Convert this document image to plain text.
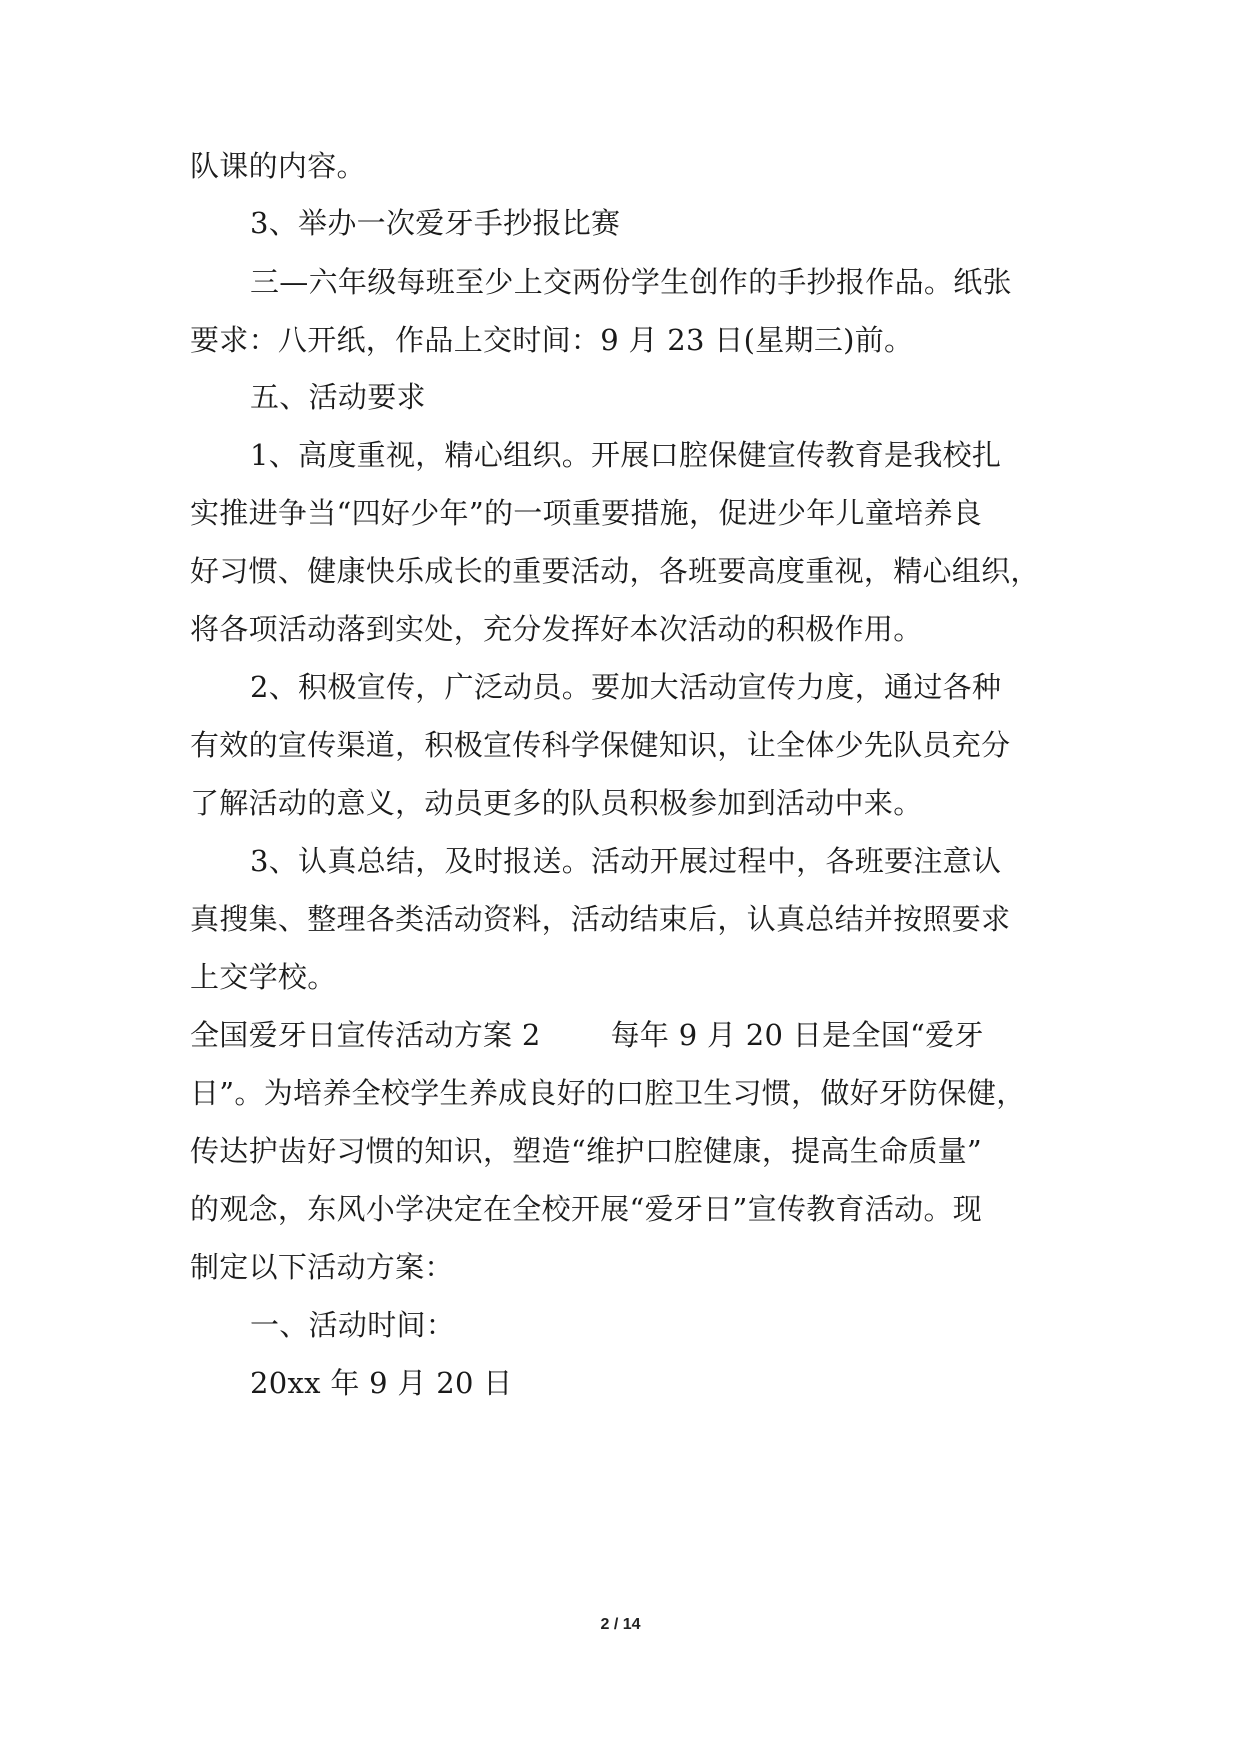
队课的内容。
3、举办一次爱牙手抄报比赛
三—六年级每班至少上交两份学生创作的手抄报作品。纸张
要求：八开纸，作品上交时间：9 月 23 日(星期三)前。
五、活动要求
1、高度重视，精心组织。开展口腔保健宣传教育是我校扎
实推进争当“四好少年”的一项重要措施，促进少年儿童培养良
好习惯、健康快乐成长的重要活动，各班要高度重视，精心组织，
将各项活动落到实处，充分发挥好本次活动的积极作用。
2、积极宣传，广泛动员。要加大活动宣传力度，通过各种
有效的宣传渠道，积极宣传科学保健知识，让全体少先队员充分
了解活动的意义，动员更多的队员积极参加到活动中来。
3、认真总结，及时报送。活动开展过程中，各班要注意认
真搜集、整理各类活动资料，活动结束后，认真总结并按照要求
上交学校。
全国爱牙日宣传活动方案 2 每年 9 月 20 日是全国“爱牙
日”。为培养全校学生养成良好的口腔卫生习惯，做好牙防保健，
传达护齿好习惯的知识，塑造“维护口腔健康，提高生命质量”
的观念，东风小学决定在全校开展“爱牙日”宣传教育活动。现
制定以下活动方案：
一、活动时间：
20xx 年 9 月 20 日
2 / 14
